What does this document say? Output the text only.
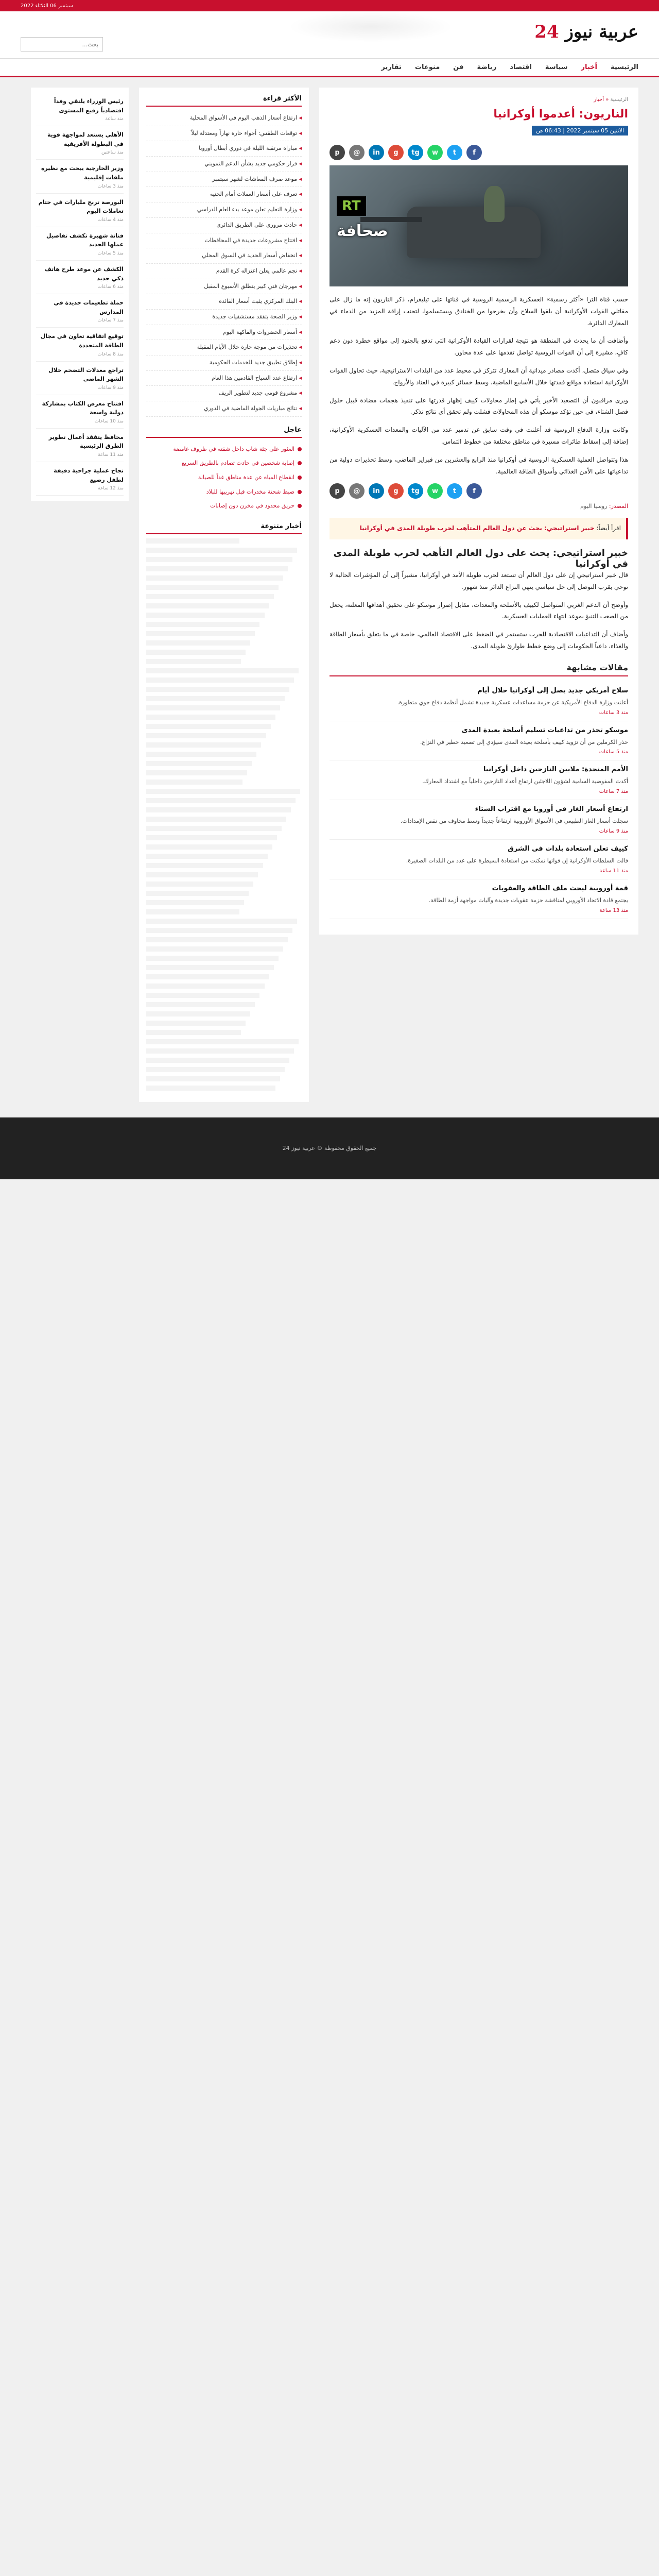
2022 سبتمبر 06 الثلاثاء
عربية نيوز 24
بحث...
الرئيسية
أخبار
سياسة
اقتصاد
رياضة
فن
منوعات
تقارير
الرئيسية « أخبار
الناريون: أعدموا أوكرانيا
الاثنين 05 سبتمبر 2022 | 06:43 ص
f
t
w
tg
g
in
@
p
RT
صحافة

حسب قناة الترا «أكثر رسمية» العسكرية الرسمية الروسية في قناتها على تيليغرام، ذكر الناريون إنه ما زال على مقاتلي القوات الأوكرانية أن يلقوا السلاح وأن يخرجوا من الخنادق ويستسلموا، لتجنب إراقة المزيد من الدماء في المعارك الدائرة.

وأضافت أن ما يحدث في المنطقة هو نتيجة لقرارات القيادة الأوكرانية التي تدفع بالجنود إلى مواقع خطرة دون دعم كافٍ، مشيرة إلى أن القوات الروسية تواصل تقدمها على عدة محاور.

وفي سياق متصل، أكدت مصادر ميدانية أن المعارك تتركز في محيط عدد من البلدات الاستراتيجية، حيث تحاول القوات الأوكرانية استعادة مواقع فقدتها خلال الأسابيع الماضية، وسط خسائر كبيرة في العتاد والأرواح.

ويرى مراقبون أن التصعيد الأخير يأتي في إطار محاولات كييف إظهار قدرتها على تنفيذ هجمات مضادة قبيل حلول فصل الشتاء، في حين تؤكد موسكو أن هذه المحاولات فشلت ولم تحقق أي نتائج تذكر.

وكانت وزارة الدفاع الروسية قد أعلنت في وقت سابق عن تدمير عدد من الآليات والمعدات العسكرية الأوكرانية، إضافة إلى إسقاط طائرات مسيرة في مناطق مختلفة من خطوط التماس.

هذا وتتواصل العملية العسكرية الروسية في أوكرانيا منذ الرابع والعشرين من فبراير الماضي، وسط تحذيرات دولية من تداعياتها على الأمن الغذائي وأسواق الطاقة العالمية.

f
t
w
tg
g
in
@
p
المصدر: روسيا اليوم
اقرأ أيضاً: خبير استراتيجي: بحث عن دول العالم المتأهب لحرب طويلة المدى في أوكرانيا
خبير استراتيجي: يحث على دول العالم التأهب لحرب طويلة المدى في أوكرانيا

قال خبير استراتيجي إن على دول العالم أن تستعد لحرب طويلة الأمد في أوكرانيا، مشيراً إلى أن المؤشرات الحالية لا توحي بقرب التوصل إلى حل سياسي ينهي النزاع الدائر منذ شهور.

وأوضح أن الدعم الغربي المتواصل لكييف بالأسلحة والمعدات، مقابل إصرار موسكو على تحقيق أهدافها المعلنة، يجعل من الصعب التنبؤ بموعد انتهاء العمليات العسكرية.

وأضاف أن التداعيات الاقتصادية للحرب ستستمر في الضغط على الاقتصاد العالمي، خاصة في ما يتعلق بأسعار الطاقة والغذاء، داعياً الحكومات إلى وضع خطط طوارئ طويلة المدى.

مقالات مشابهة
سلاح أمريكي جديد يصل إلى أوكرانيا خلال أيام
أعلنت وزارة الدفاع الأمريكية عن حزمة مساعدات عسكرية جديدة تشمل أنظمة دفاع جوي متطورة.
منذ 3 ساعات
موسكو تحذر من تداعيات تسليم أسلحة بعيدة المدى
حذر الكرملين من أن تزويد كييف بأسلحة بعيدة المدى سيؤدي إلى تصعيد خطير في النزاع.
منذ 5 ساعات
الأمم المتحدة: ملايين النازحين داخل أوكرانيا
أكدت المفوضية السامية لشؤون اللاجئين ارتفاع أعداد النازحين داخلياً مع اشتداد المعارك.
منذ 7 ساعات
ارتفاع أسعار الغاز في أوروبا مع اقتراب الشتاء
سجلت أسعار الغاز الطبيعي في الأسواق الأوروبية ارتفاعاً جديداً وسط مخاوف من نقص الإمدادات.
منذ 9 ساعات
كييف تعلن استعادة بلدات في الشرق
قالت السلطات الأوكرانية إن قواتها تمكنت من استعادة السيطرة على عدد من البلدات الصغيرة.
منذ 11 ساعة
قمة أوروبية لبحث ملف الطاقة والعقوبات
يجتمع قادة الاتحاد الأوروبي لمناقشة حزمة عقوبات جديدة وآليات مواجهة أزمة الطاقة.
منذ 13 ساعة
الأكثر قراءة
◂ ارتفاع أسعار الذهب اليوم في الأسواق المحلية
◂ توقعات الطقس: أجواء حارة نهاراً ومعتدلة ليلاً
◂ مباراة مرتقبة الليلة في دوري أبطال أوروبا
◂ قرار حكومي جديد بشأن الدعم التمويني
◂ موعد صرف المعاشات لشهر سبتمبر
◂ تعرف على أسعار العملات أمام الجنيه
◂ وزارة التعليم تعلن موعد بدء العام الدراسي
◂ حادث مروري على الطريق الدائري
◂ افتتاح مشروعات جديدة في المحافظات
◂ انخفاض أسعار الحديد في السوق المحلي
◂ نجم عالمي يعلن اعتزاله كرة القدم
◂ مهرجان فني كبير ينطلق الأسبوع المقبل
◂ البنك المركزي يثبت أسعار الفائدة
◂ وزير الصحة يتفقد مستشفيات جديدة
◂ أسعار الخضروات والفاكهة اليوم
◂ تحذيرات من موجة حارة خلال الأيام المقبلة
◂ إطلاق تطبيق جديد للخدمات الحكومية
◂ ارتفاع عدد السياح القادمين هذا العام
◂ مشروع قومي جديد لتطوير الريف
◂ نتائج مباريات الجولة الماضية في الدوري
عاجل
العثور على جثة شاب داخل شقته في ظروف غامضة
إصابة شخصين في حادث تصادم بالطريق السريع
انقطاع المياه عن عدة مناطق غداً للصيانة
ضبط شحنة مخدرات قبل تهريبها للبلاد
حريق محدود في مخزن دون إصابات
أخبار متنوعة
رئيس الوزراء يلتقي وفداً اقتصادياً رفيع المستوى
منذ ساعة
الأهلي يستعد لمواجهة قوية في البطولة الأفريقية
منذ ساعتين
وزير الخارجية يبحث مع نظيره ملفات إقليمية
منذ 3 ساعات
البورصة تربح مليارات في ختام تعاملات اليوم
منذ 4 ساعات
فنانة شهيرة تكشف تفاصيل عملها الجديد
منذ 5 ساعات
الكشف عن موعد طرح هاتف ذكي جديد
منذ 6 ساعات
حملة تطعيمات جديدة في المدارس
منذ 7 ساعات
توقيع اتفاقية تعاون في مجال الطاقة المتجددة
منذ 8 ساعات
تراجع معدلات التضخم خلال الشهر الماضي
منذ 9 ساعات
افتتاح معرض الكتاب بمشاركة دولية واسعة
منذ 10 ساعات
محافظ يتفقد أعمال تطوير الطرق الرئيسية
منذ 11 ساعة
نجاح عملية جراحية دقيقة لطفل رضيع
منذ 12 ساعة
جميع الحقوق محفوظة © عربية نيوز 24
